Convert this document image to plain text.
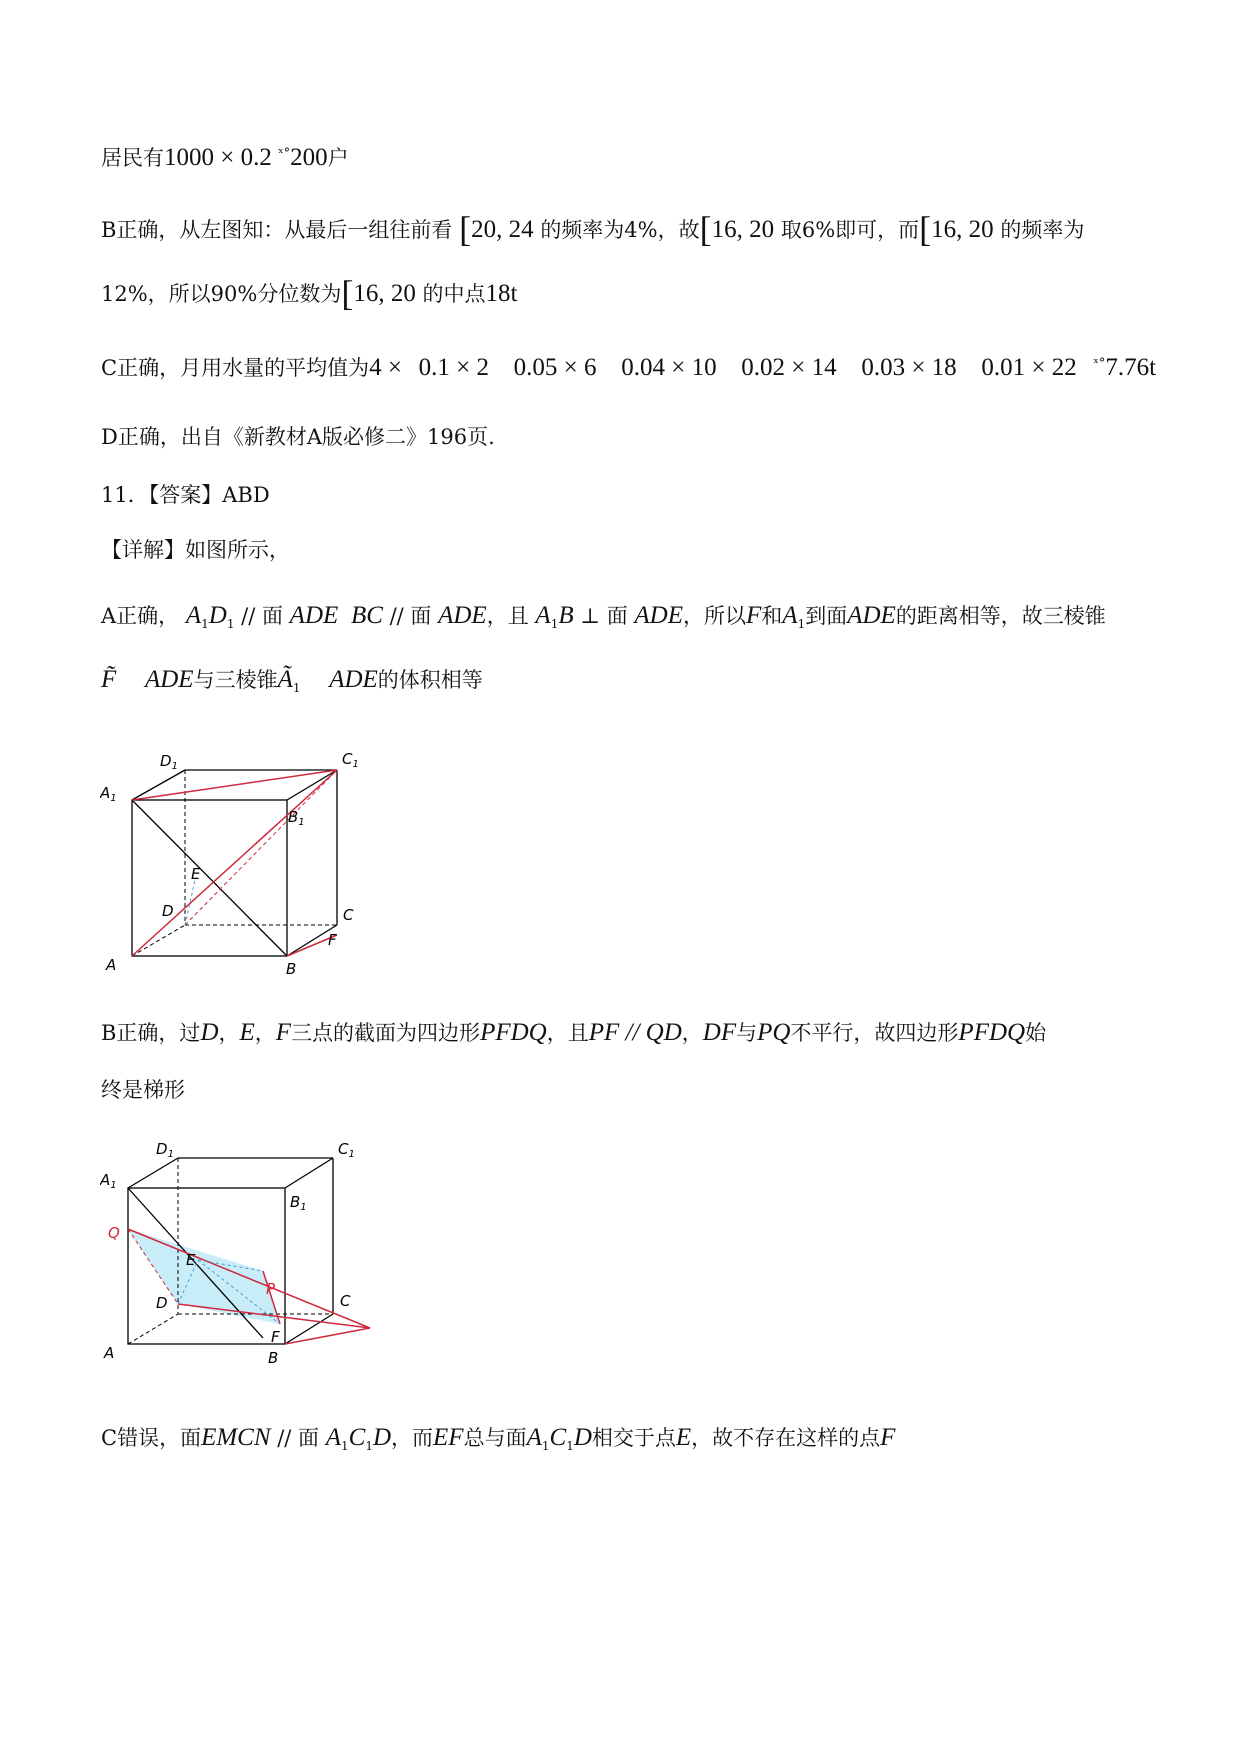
居民有1000 × 0.2 $^{ˣ^\circ}$200户
B正确，从左图知：从最后一组往前看 [20, 24 的频率为4%，故[16, 20 取6%即可，而[16, 20 的频率为
12%，所以90%分位数为[16, 20 的中点18t
C正确，月用水量的平均值为4 × 0.1 × 2 0.05 × 6 0.04 × 10 0.02 × 14 0.03 × 18 0.01 × 22 $^{ˣ^\circ}$7.76t
D正确，出自《新教材A版必修二》196页.
11．【答案】ABD
【详解】如图所示，
A正确， $A_1D_1$ // 面 ADE BC // 面 ADE，且 $A_1B$ ⊥ 面 ADE，所以F和$A_1$到面ADE的距离相等，故三棱锥
F̃ ADE与三棱锥$Ã_1$ ADE的体积相等
$D_1$	$C_1$
$A_1$
$B_1$
E
D	C
F
A	B
B正确，过D，E，F三点的截面为四边形PFDQ，且PF // QD，DF与PQ不平行，故四边形PFDQ始
终是梯形
$D_1$	$C_1$
$A_1$
$B_1$
Q
E
D
P
C
F
A	B
C错误，面EMCN // 面 $A_1C_1D$，而EF总与面$A_1C_1D$相交于点E，故不存在这样的点F
